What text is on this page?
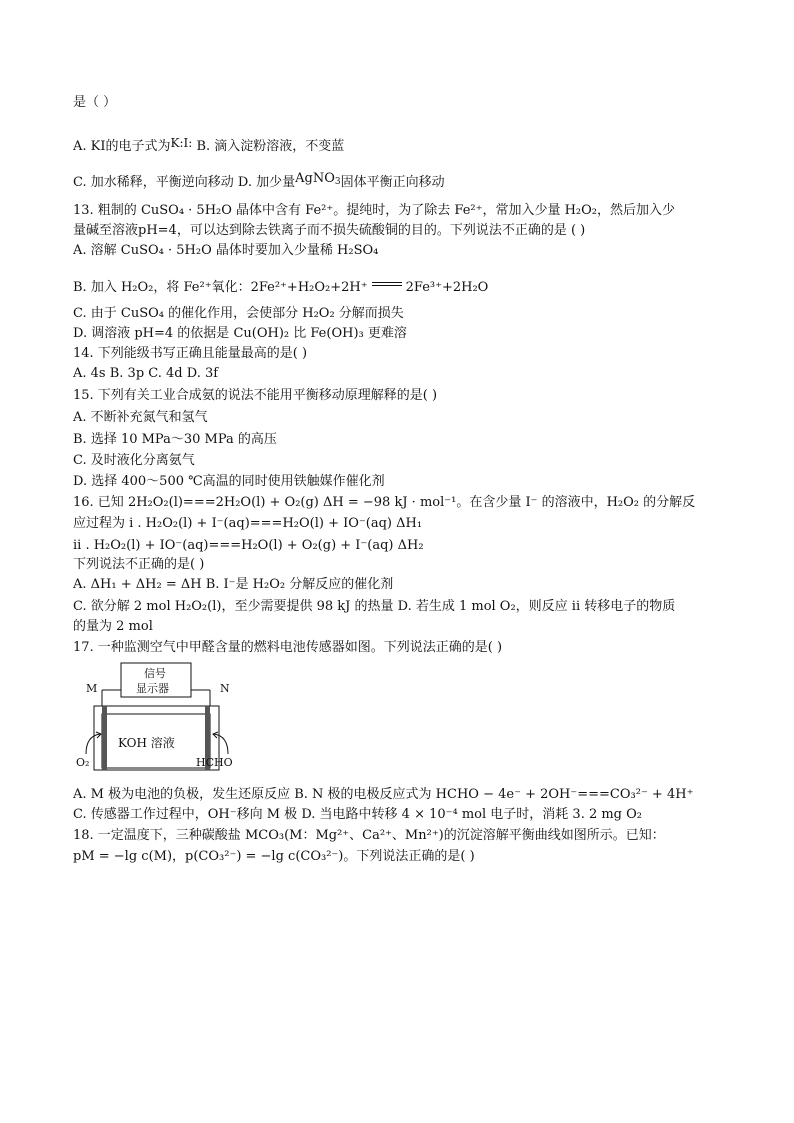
是（ ）
A. KI的电子式为K:I: B. 滴入淀粉溶液，不变蓝
C. 加水稀释，平衡逆向移动 D. 加少量AgNO$_3$固体平衡正向移动
13. 粗制的 CuSO₄ · 5H₂O 晶体中含有 Fe²⁺。提纯时，为了除去 Fe²⁺，常加入少量 H₂O₂，然后加入少
量碱至溶液pH=4，可以达到除去铁离子而不损失硫酸铜的目的。下列说法不正确的是 ( )
A. 溶解 CuSO₄ · 5H₂O 晶体时要加入少量稀 H₂SO₄
B. 加入 H₂O₂，将 Fe²⁺氧化：2Fe²⁺+H₂O₂+2H⁺	2Fe³⁺+2H₂O
C. 由于 CuSO₄ 的催化作用，会使部分 H₂O₂ 分解而损失
D. 调溶液 pH=4 的依据是 Cu(OH)₂ 比 Fe(OH)₃ 更难溶
14. 下列能级书写正确且能量最高的是( )
A. 4s B. 3p C. 4d D. 3f
15. 下列有关工业合成氨的说法不能用平衡移动原理解释的是( )
A. 不断补充氮气和氢气
B. 选择 10 MPa～30 MPa 的高压
C. 及时液化分离氨气
D. 选择 400～500 ℃高温的同时使用铁触媒作催化剂
16. 已知 2H₂O₂(l)===2H₂O(l) + O₂(g) ΔH = −98 kJ · mol⁻¹。在含少量 I⁻ 的溶液中，H₂O₂ 的分解反
应过程为 i . H₂O₂(l) + I⁻(aq)===H₂O(l) + IO⁻(aq) ΔH₁
ii . H₂O₂(l) + IO⁻(aq)===H₂O(l) + O₂(g) + I⁻(aq) ΔH₂
下列说法不正确的是( )
A. ΔH₁ + ΔH₂ = ΔH B. I⁻是 H₂O₂ 分解反应的催化剂
C. 欲分解 2 mol H₂O₂(l)，至少需要提供 98 kJ 的热量 D. 若生成 1 mol O₂，则反应 ii 转移电子的物质
的量为 2 mol
17. 一种监测空气中甲醛含量的燃料电池传感器如图。下列说法正确的是( )
信号
显示器
M	N
KOH 溶液
O₂	HCHO
A. M 极为电池的负极，发生还原反应 B. N 极的电极反应式为 HCHO − 4e⁻ + 2OH⁻===CO₃²⁻ + 4H⁺
C. 传感器工作过程中，OH⁻移向 M 极 D. 当电路中转移 4 × 10⁻⁴ mol 电子时，消耗 3. 2 mg O₂
18. 一定温度下，三种碳酸盐 MCO₃(M：Mg²⁺、Ca²⁺、Mn²⁺)的沉淀溶解平衡曲线如图所示。已知：
pM = −lg c(M)，p(CO₃²⁻) = −lg c(CO₃²⁻)。下列说法正确的是( )
